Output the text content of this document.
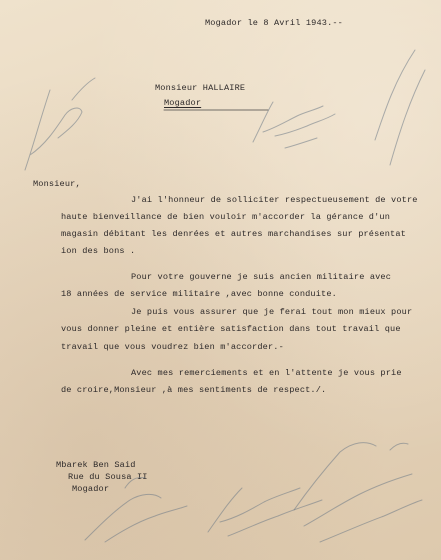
Mogador le 8 Avril 1943.--
Monsieur HALLAIRE
Mogador
Monsieur,
J'ai l'honneur de solliciter respectueusement de votre
haute bienveillance de bien vouloir m'accorder la gérance d'un
magasin débitant les denrées et autres marchandises sur présentat
ion des bons .
Pour votre gouverne je suis ancien militaire avec
18 années de service militaire ,avec bonne conduite.
Je puis vous assurer que je ferai tout mon mieux pour
vous donner pleine et entière satisfaction dans tout travail que
travail que vous voudrez bien m'accorder.-
Avec mes remerciements et en l'attente je vous prie
de croire,Monsieur ,à mes sentiments de respect./.
Mbarek Ben Said
Rue du Sousa II
Mogador
